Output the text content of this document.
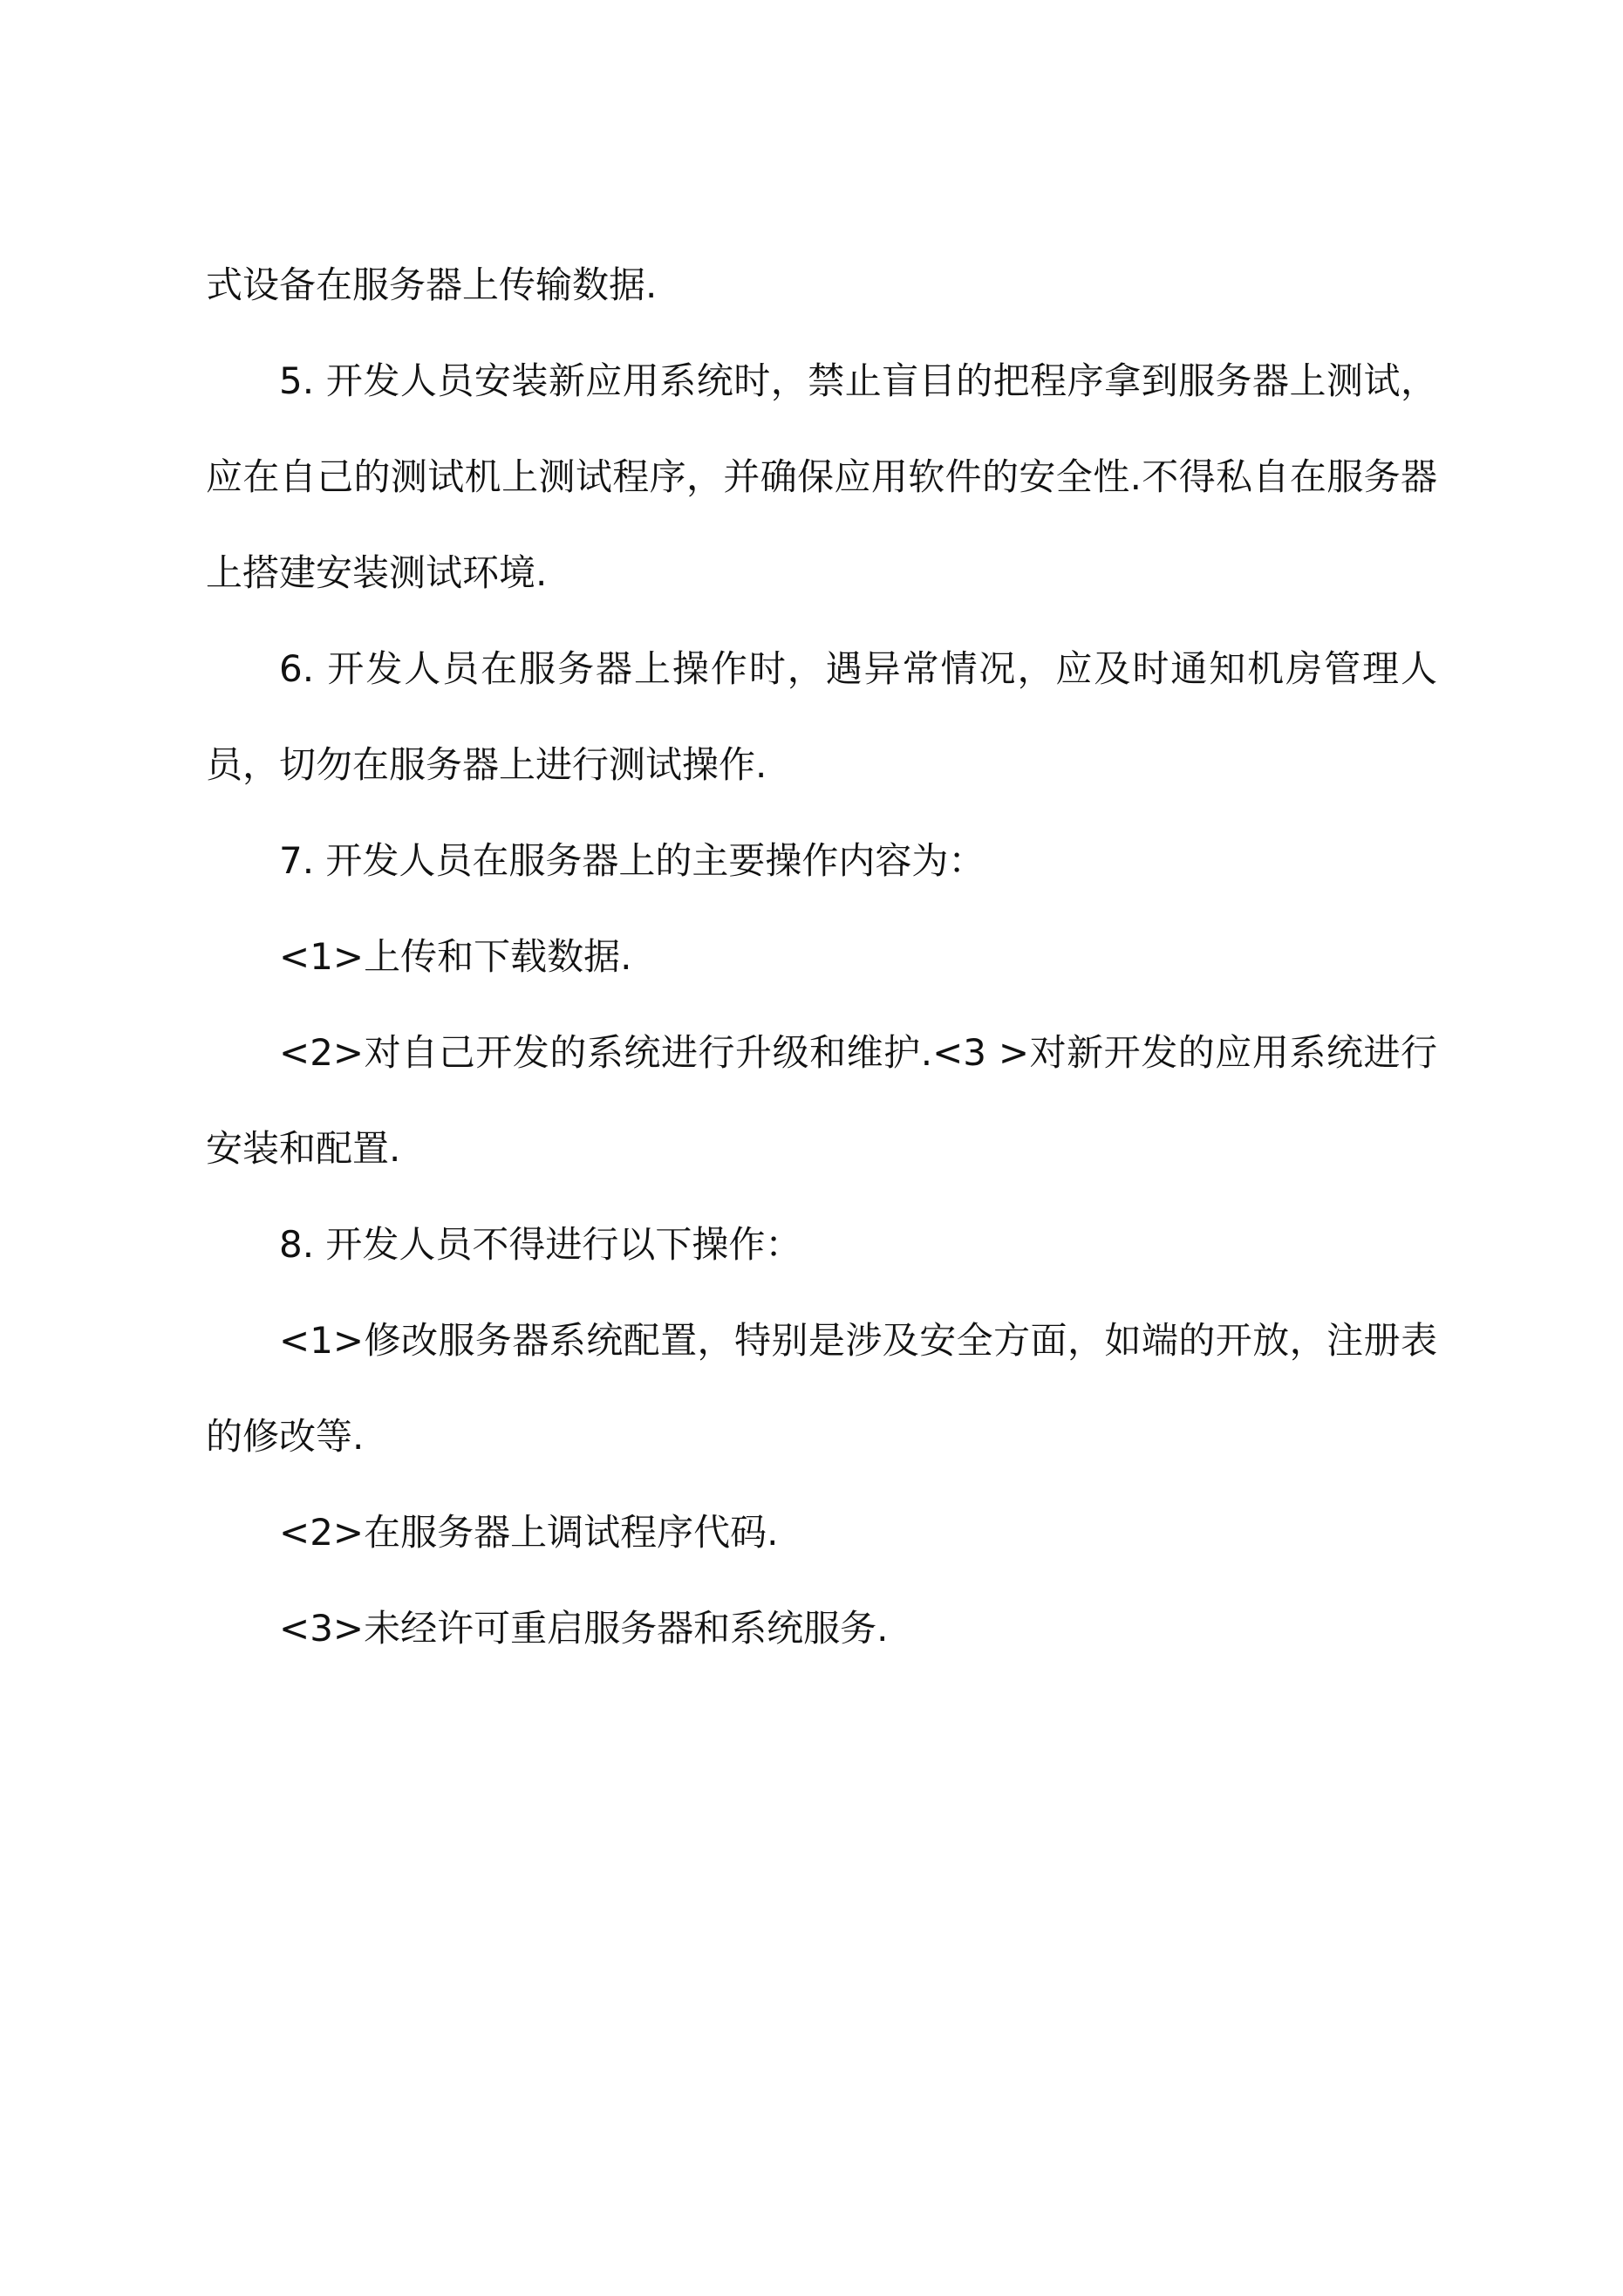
式设备在服务器上传输数据.

5. 开发人员安装新应用系统时，禁止盲目的把程序拿到服务器上测试，应在自己的测试机上测试程序，并确保应用软件的安全性.不得私自在服务器上搭建安装测试环境.

6. 开发人员在服务器上操作时，遇异常情况，应及时通知机房管理人员，切勿在服务器上进行测试操作.

7. 开发人员在服务器上的主要操作内容为：

<1>上传和下载数据.

<2>对自己开发的系统进行升级和维护.<3 >对新开发的应用系统进行安装和配置.

8. 开发人员不得进行以下操作：

<1>修改服务器系统配置，特别是涉及安全方面，如端的开放，注册表的修改等.

<2>在服务器上调试程序代码.

<3>未经许可重启服务器和系统服务.
